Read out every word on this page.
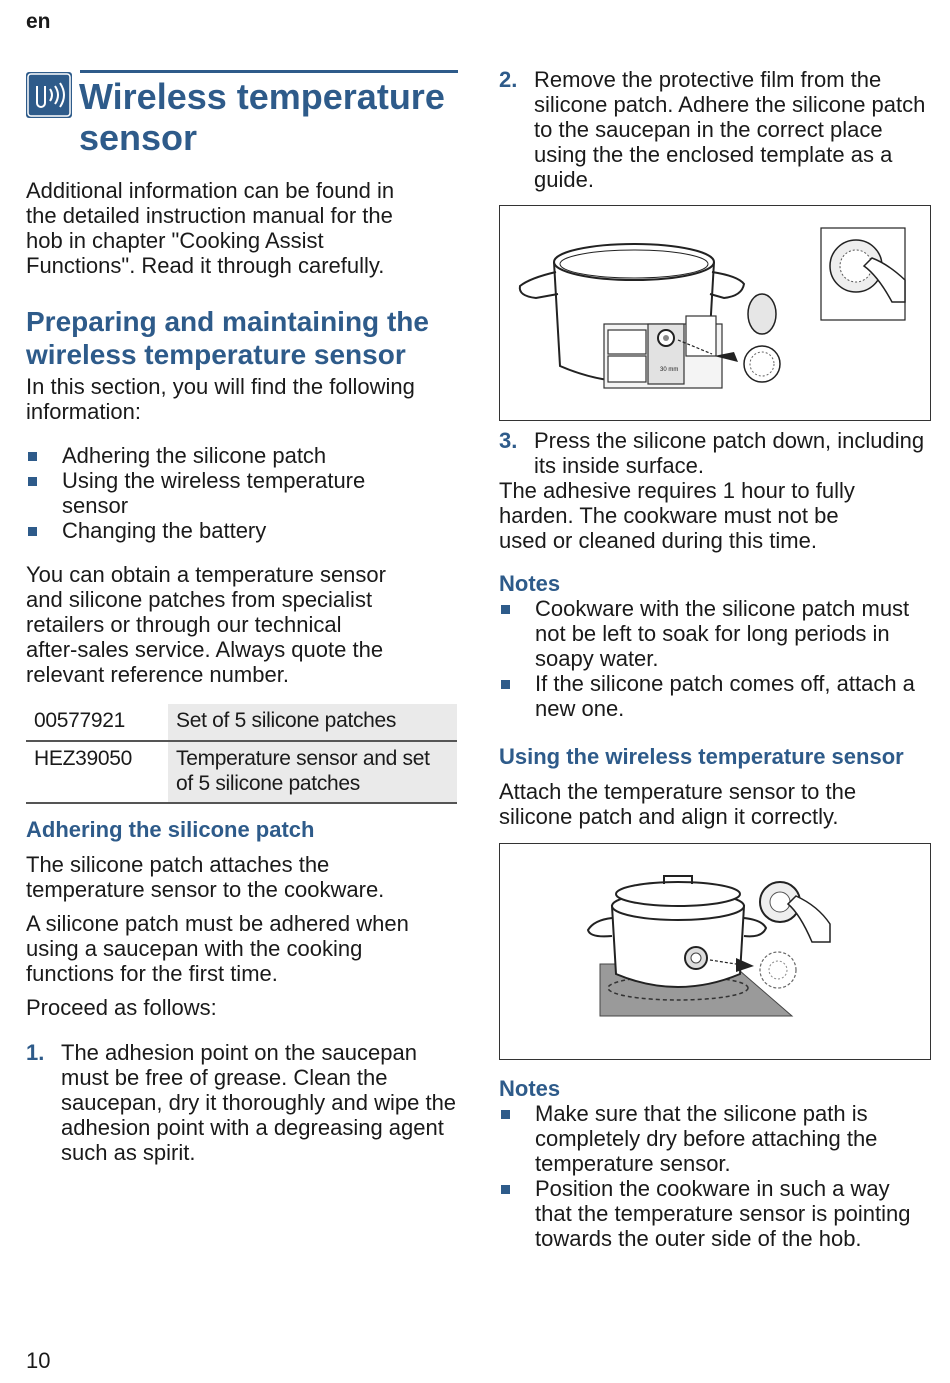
en
10
Wireless temperature
sensor

Additional information can be found in
the detailed instruction manual for the
hob in chapter "Cooking Assist
Functions". Read it through carefully.

Preparing and maintaining the
wireless temperature sensor

In this section, you will find the following
information:

Adhering the silicone patch
Using the wireless temperature sensor
Changing the battery

You can obtain a temperature sensor
and silicone patches from specialist
retailers or through our technical
after-sales service. Always quote the
relevant reference number.

00577921	Set of 5 silicone patches
HEZ39050	Temperature sensor and set of 5 silicone patches
Adhering the silicone patch

The silicone patch attaches the
temperature sensor to the cookware.

A silicone patch must be adhered when
using a saucepan with the cooking
functions for the first time.

Proceed as follows:

1. The adhesion point on the saucepan must be free of grease. Clean the saucepan, dry it thoroughly and wipe the adhesion point with a degreasing agent such as spirit.
2. Remove the protective film from the silicone patch. Adhere the silicone patch to the saucepan in the correct place using the the enclosed template as a guide.
30 mm
3. Press the silicone patch down, including its inside surface.

The adhesive requires 1 hour to fully
harden. The cookware must not be
used or cleaned during this time.

Notes
Cookware with the silicone patch must not be left to soak for long periods in soapy water.
If the silicone patch comes off, attach a new one.
Using the wireless temperature sensor

Attach the temperature sensor to the
silicone patch and align it correctly.

Notes
Make sure that the silicone path is completely dry before attaching the temperature sensor.
Position the cookware in such a way that the temperature sensor is pointing towards the outer side of the hob.
